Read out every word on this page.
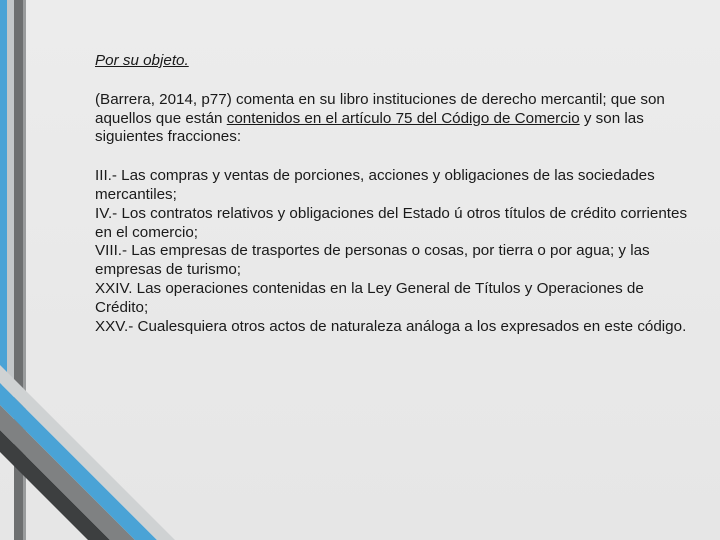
Por su objeto.

(Barrera, 2014, p77) comenta en su libro instituciones de derecho mercantil; que son aquellos que están contenidos en el artículo 75 del Código de Comercio y son las siguientes fracciones:

III.- Las compras y ventas de porciones, acciones y obligaciones de las sociedades mercantiles;

IV.- Los contratos relativos y obligaciones del Estado ú otros títulos de crédito corrientes en el comercio;

VIII.- Las empresas de trasportes de personas o cosas, por tierra o por agua; y las empresas de turismo;

XXIV. Las operaciones contenidas en la Ley General de Títulos y Operaciones de Crédito;

XXV.- Cualesquiera otros actos de naturaleza análoga a los expresados en este código.
